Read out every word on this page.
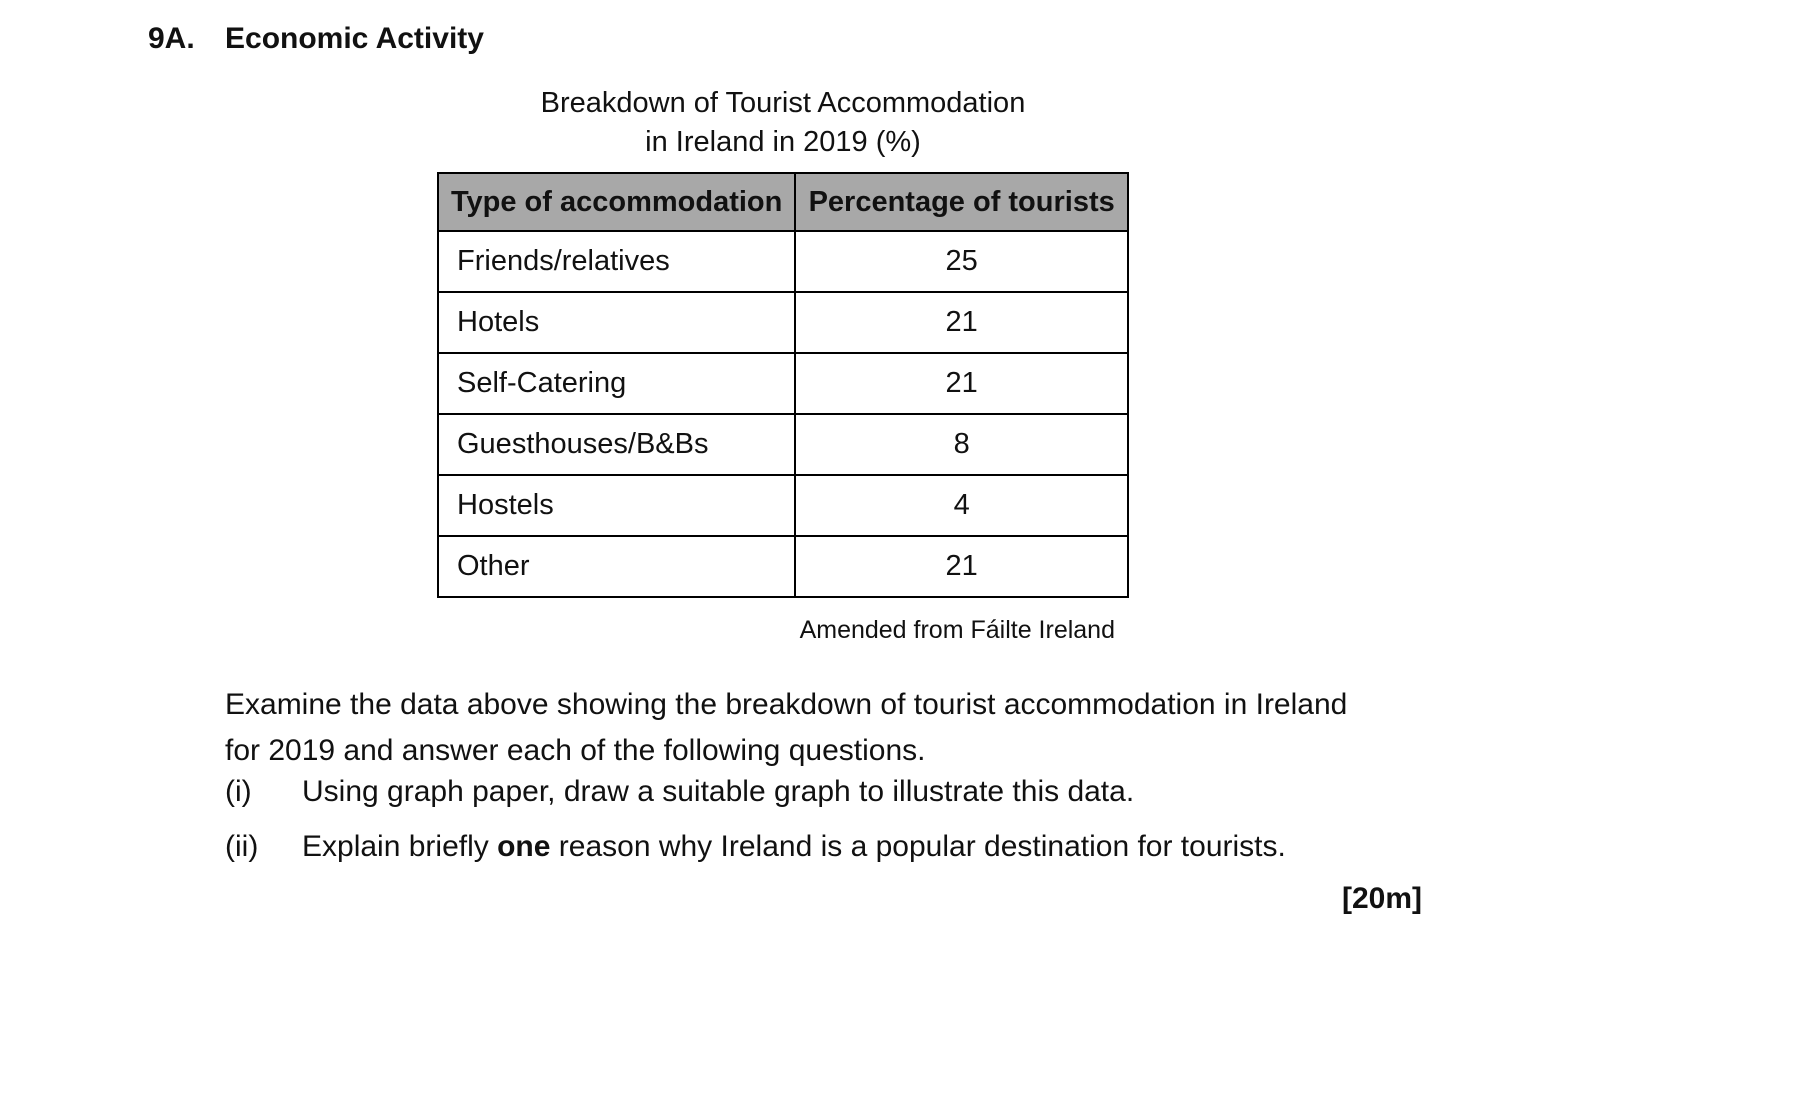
9A.	Economic Activity
Breakdown of Tourist Accommodation
in Ireland in 2019 (%)
Type of accommodation	Percentage of tourists
Friends/relatives	25
Hotels	21
Self-Catering	21
Guesthouses/B&Bs	8
Hostels	4
Other	21
Amended from Fáilte Ireland
Examine the data above showing the breakdown of tourist accommodation in Ireland for 2019 and answer each of the following questions.
(i)	Using graph paper, draw a suitable graph to illustrate this data.
(ii)	Explain briefly one reason why Ireland is a popular destination for tourists.
[20m]
